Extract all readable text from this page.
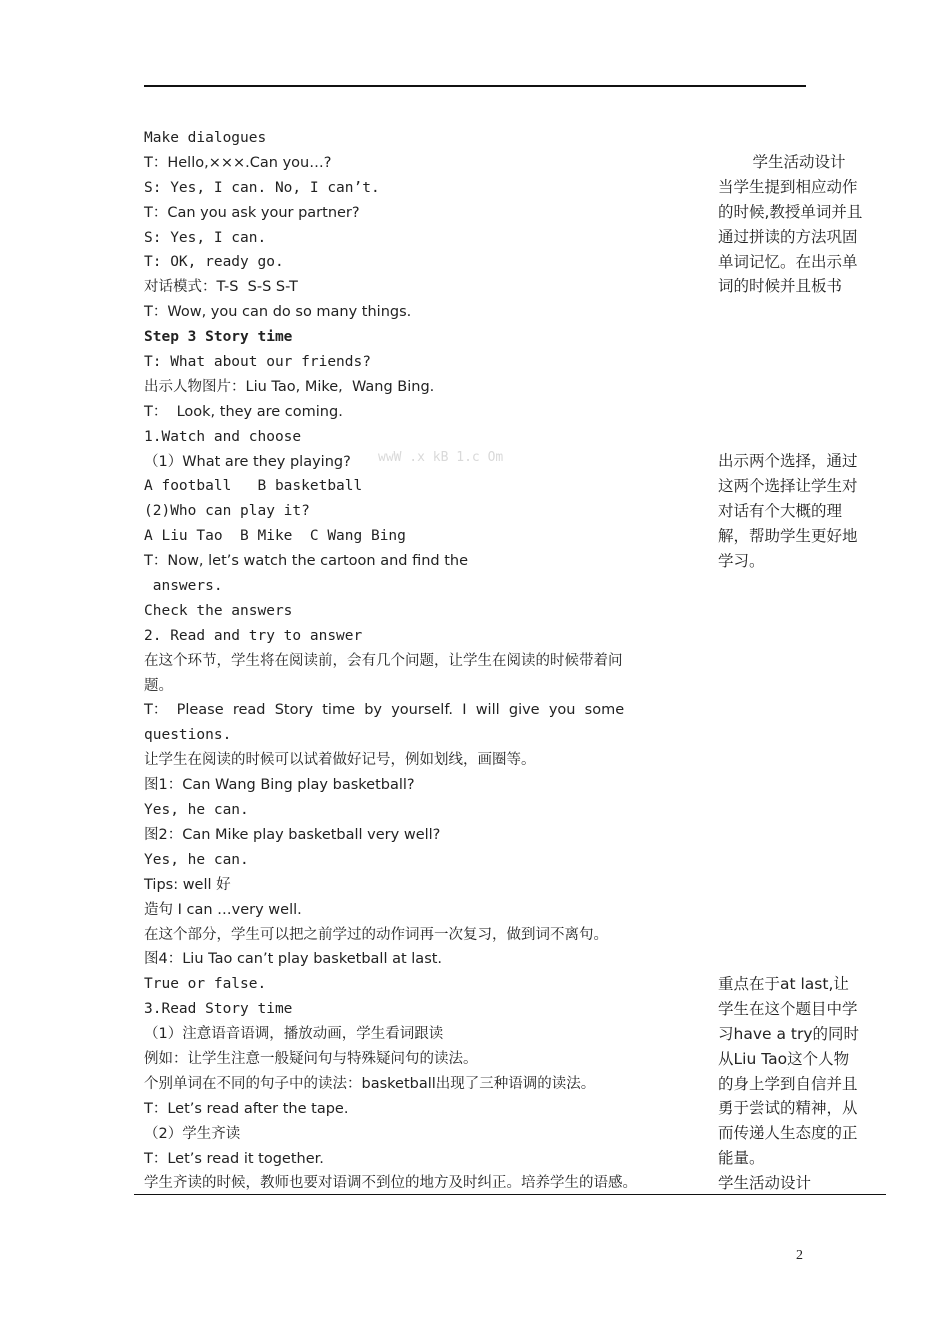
Make dialogues
T：Hello,×××.Can you…?
S: Yes, I can. No, I can’t.
T：Can you ask your partner?
S: Yes, I can.
T: OK, ready go.
对话模式：T-S  S-S S-T
T：Wow, you can do so many things.
Step 3 Story time
T: What about our friends?
出示人物图片：Liu Tao, Mike,  Wang Bing.
T：  Look, they are coming.
1.Watch and choose
（1）What are they playing?
A football   B basketball
(2)Who can play it?
A Liu Tao  B Mike  C Wang Bing
T：Now, let’s watch the cartoon and find the
answers.
Check the answers
2. Read and try to answer
在这个环节，学生将在阅读前，会有几个问题，让学生在阅读的时候带着问
题。
T：  Please  read  Story  time  by  yourself.  I  will  give  you  some
questions.
让学生在阅读的时候可以试着做好记号，例如划线，画圈等。
图1：Can Wang Bing play basketball?
Yes, he can.
图2：Can Mike play basketball very well?
Yes, he can.
Tips: well 好
造句 I can …very well.
在这个部分，学生可以把之前学过的动作词再一次复习，做到词不离句。
图4：Liu Tao can’t play basketball at last.
True or false.
3.Read Story time
（1）注意语音语调，播放动画，学生看词跟读
例如：让学生注意一般疑问句与特殊疑问句的读法。
个别单词在不同的句子中的读法：basketball出现了三种语调的读法。
T：Let’s read after the tape.
（2）学生齐读
T：Let’s read it together.
学生齐读的时候，教师也要对语调不到位的地方及时纠正。培养学生的语感。
学生活动设计
当学生提到相应动作
的时候,教授单词并且
通过拼读的方法巩固
单词记忆。在出示单
词的时候并且板书
出示两个选择，通过
这两个选择让学生对
对话有个大概的理
解，帮助学生更好地
学习。
重点在于at last,让
学生在这个题目中学
习have a try的同时
从Liu Tao这个人物
的身上学到自信并且
勇于尝试的精神，从
而传递人生态度的正
能量。
学生活动设计
wwW .x kB 1.c Om
2
